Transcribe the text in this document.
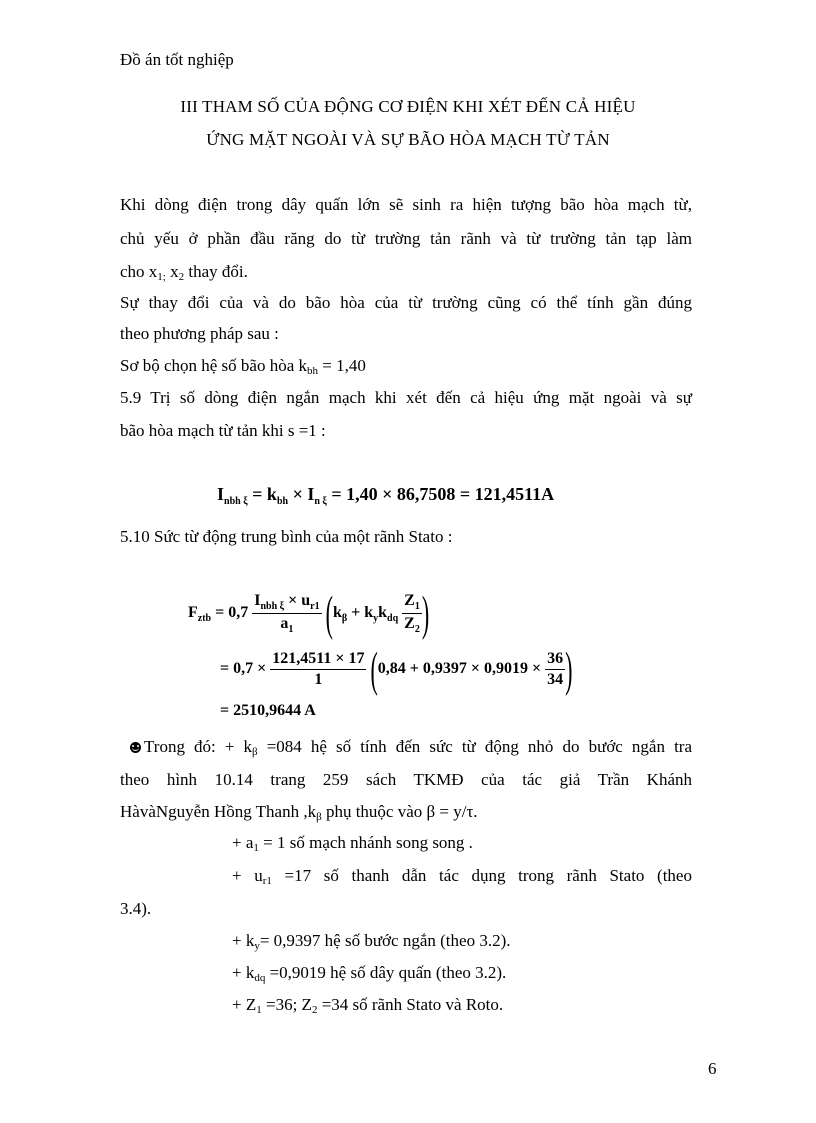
Đồ án tốt nghiệp
III THAM SỐ CỦA ĐỘNG CƠ ĐIỆN KHI XÉT ĐẾN CẢ HIỆU
ỨNG MẶT NGOÀI VÀ SỰ BÃO HÒA MẠCH TỪ TẢN
Khi dòng điện trong dây quấn lớn sẽ sinh ra hiện tượng bão hòa mạch từ,
chủ yếu ở phần đầu răng do từ trường tản rãnh và từ trường tản tạp làm
cho $x_{1;}$ $x_2$ thay đổi.
Sự thay đổi của và do bão hòa của từ trường cũng có thể tính gần đúng
theo phương pháp sau :
Sơ bộ chọn hệ số bão hòa $k_{bh} = 1,40$
5.9 Trị số dòng điện ngắn mạch khi xét đến cả hiệu ứng mặt ngoài và sự
bão hòa mạch từ tản khi s =1 :
$I_{nbh \xi} = k_{bh} \times I_{n \xi} = 1,40 \times 86,7508 = 121,4511A$
5.10 Sức từ động trung bình của một rãnh Stato :
$F_{ztb} = 0,7 \frac{I_{nbh \xi} \times u_{r1}}{a_1} (k_\beta + k_yk_{dq} \frac{Z_1}{Z_2}$ )
= $0,7 \times \frac{121,4511 \times 17}{1} (0,84 + 0,9397 \times 0,9019 \times \frac{36}{34}$ )
= 2510,9644 A
Trong đó: + $k_\beta =084$ hệ số tính đến sức từ động nhỏ do bước ngắn tra
theo hình 10.14 trang 259 sách TKMĐ của tác giả Trần Khánh
HàvàNguyễn Hồng Thanh $,k_\beta$ phụ thuộc vào β = y/τ.
+ $a_1 = 1$ số mạch nhánh song song .
+ $u_{r1} =17$ số thanh dẫn tác dụng trong rãnh Stato (theo
3.4).
+ $k_y= 0,9397$ hệ số bước ngắn (theo 3.2).
+ $k_{dq} =0,9019$ hệ số dây quấn (theo 3.2).
+ $Z_1 =36$; $Z_2 =34$ số rãnh Stato và Roto.
6
